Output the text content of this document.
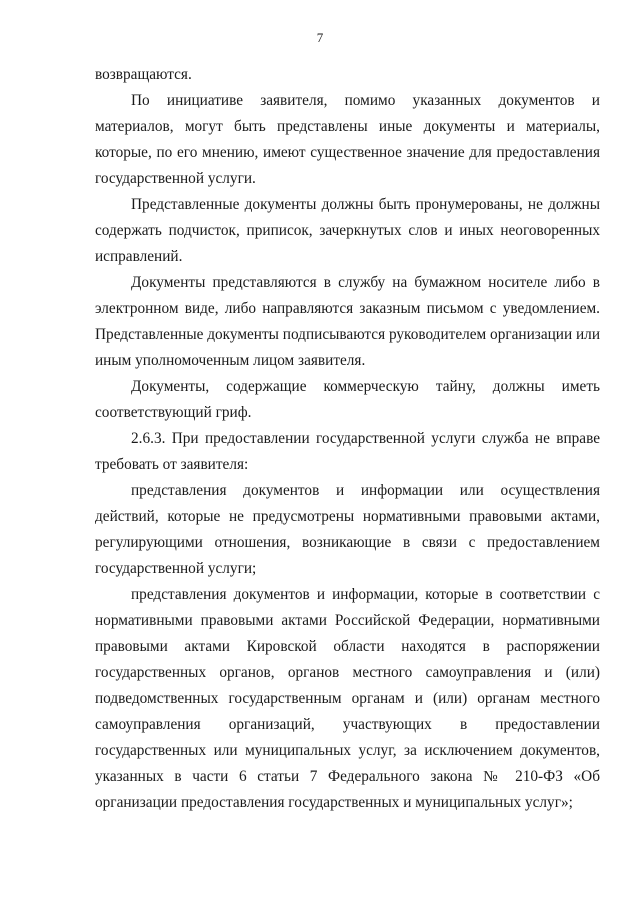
7

возвращаются.

По инициативе заявителя, помимо указанных документов и материалов, могут быть представлены иные документы и материалы, которые, по его мнению, имеют существенное значение для предоставления государственной услуги.

Представленные документы должны быть пронумерованы, не должны содержать подчисток, приписок, зачеркнутых слов и иных неоговоренных исправлений.

Документы представляются в службу на бумажном носителе либо в электронном виде, либо направляются заказным письмом с уведомлением. Представленные документы подписываются руководителем организации или иным уполномоченным лицом заявителя.

Документы, содержащие коммерческую тайну, должны иметь соответствующий гриф.

2.6.3. При предоставлении государственной услуги служба не вправе требовать от заявителя:

представления документов и информации или осуществления действий, которые не предусмотрены нормативными правовыми актами, регулирующими отношения, возникающие в связи с предоставлением государственной услуги;

представления документов и информации, которые в соответствии с нормативными правовыми актами Российской Федерации, нормативными правовыми актами Кировской области находятся в распоряжении государственных органов, органов местного самоуправления и (или) подведомственных государственным органам и (или) органам местного самоуправления организаций, участвующих в предоставлении государственных или муниципальных услуг, за исключением документов, указанных в части 6 статьи 7 Федерального закона № 210-ФЗ «Об организации предоставления государственных и муниципальных услуг»;
